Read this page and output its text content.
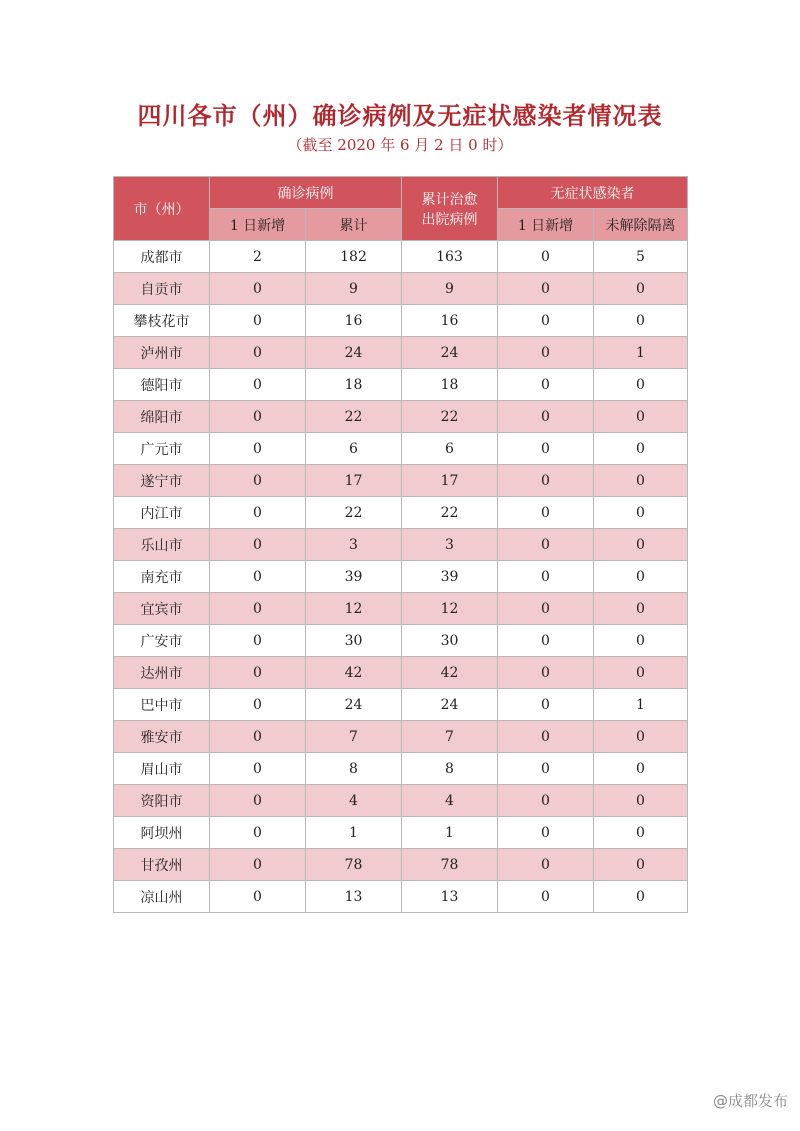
四川各市（州）确诊病例及无症状感染者情况表
（截至 2020 年 6 月 2 日 0 时）
市（州）	确诊病例		累计治愈出院病例	无症状感染者	
	1 日新增	累计		1 日新增	未解除隔离
成都市	2	182	163	0	5
自贡市	0	9	9	0	0
攀枝花市	0	16	16	0	0
泸州市	0	24	24	0	1
德阳市	0	18	18	0	0
绵阳市	0	22	22	0	0
广元市	0	6	6	0	0
遂宁市	0	17	17	0	0
内江市	0	22	22	0	0
乐山市	0	3	3	0	0
南充市	0	39	39	0	0
宜宾市	0	12	12	0	0
广安市	0	30	30	0	0
达州市	0	42	42	0	0
巴中市	0	24	24	0	1
雅安市	0	7	7	0	0
眉山市	0	8	8	0	0
资阳市	0	4	4	0	0
阿坝州	0	1	1	0	0
甘孜州	0	78	78	0	0
凉山州	0	13	13	0	0
@成都发布
